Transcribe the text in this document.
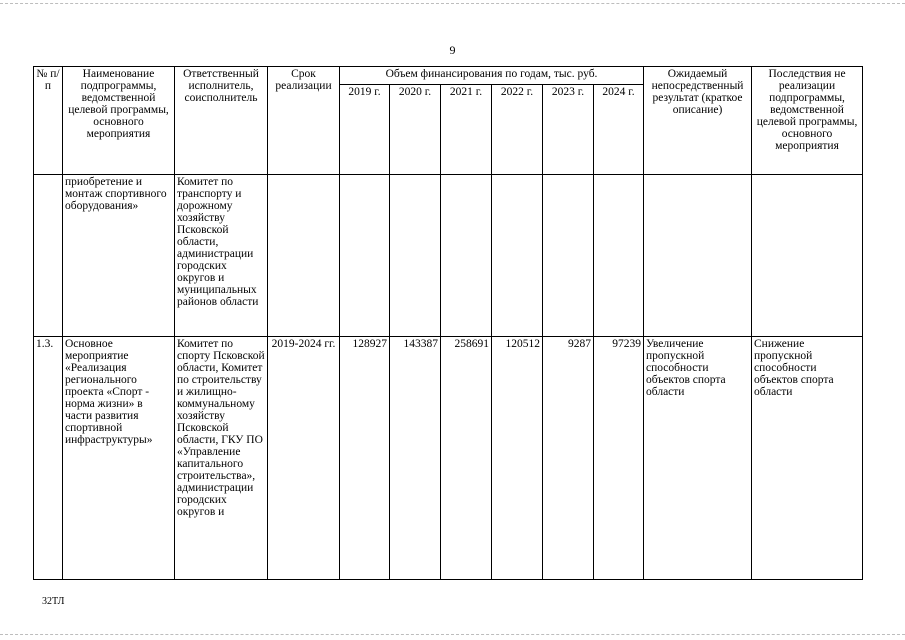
9
№ п/п	Наименование подпрограммы, ведомственной целевой программы, основного мероприятия	Ответственный исполнитель, соисполнитель	Срок реализации	Объем финансирования по годам, тыс. руб.						Ожидаемый непосредственный результат (краткое описание)	Последствия не реализации подпрограммы, ведомственной целевой программы, основного мероприятия
				2019 г.	2020 г.	2021 г.	2022 г.	2023 г.	2024 г.		
	приобретение и монтаж спортивного оборудования»	Комитет по транспорту и дорожному хозяйству Псковской области, администрации городских округов и муниципальных районов области									
1.3.	Основное мероприятие «Реализация регионального проекта «Спорт - норма жизни» в части развития спортивной инфраструктуры»	Комитет по спорту Псковской области, Комитет по строительству и жилищно-коммунальному хозяйству Псковской области, ГКУ ПО «Управление капитального строительства», администрации городских округов и	2019-2024 гг.	128927	143387	258691	120512	9287	97239	Увеличение пропускной способности объектов спорта области	Снижение пропускной способности объектов спорта области
32ТЛ
